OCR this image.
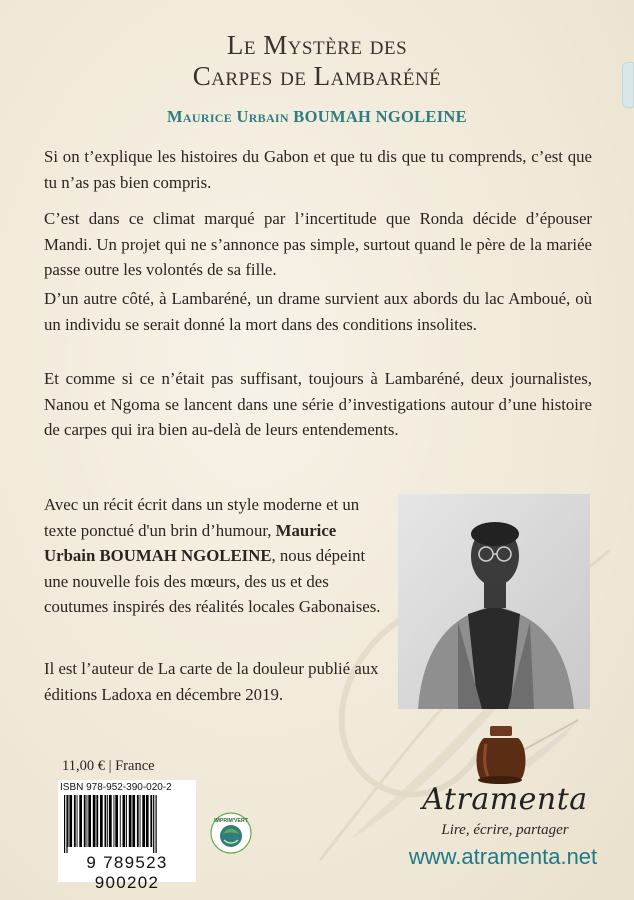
Le Mystère des
Carpes de Lambaréné
Maurice Urbain BOUMAH NGOLEINE

Si on t’explique les histoires du Gabon et que tu dis que tu comprends, c’est que tu n’as pas bien compris.

C’est dans ce climat marqué par l’incertitude que Ronda décide d’épouser Mandi. Un projet qui ne s’annonce pas simple, surtout quand le père de la mariée passe outre les volontés de sa fille.

D’un autre côté, à Lambaréné, un drame survient aux abords du lac Amboué, où un individu se serait donné la mort dans des conditions insolites.

Et comme si ce n’était pas suffisant, toujours à Lambaréné, deux journalistes, Nanou et Ngoma se lancent dans une série d’investigations autour d’une histoire de carpes qui ira bien au-delà de leurs entendements.

Avec un récit écrit dans un style moderne et un texte ponctué d'un brin d’humour, Maurice Urbain BOUMAH NGOLEINE, nous dépeint une nouvelle fois des mœurs, des us et des coutumes inspirés des réalités locales Gabonaises.

Il est l’auteur de La carte de la douleur publié aux éditions Ladoxa en décembre 2019.

11,00 € | France
ISBN 978-952-390-020-2
9 789523 900202
IMPRIM'VERT
Atramenta
Lire, écrire, partager
www.atramenta.net
